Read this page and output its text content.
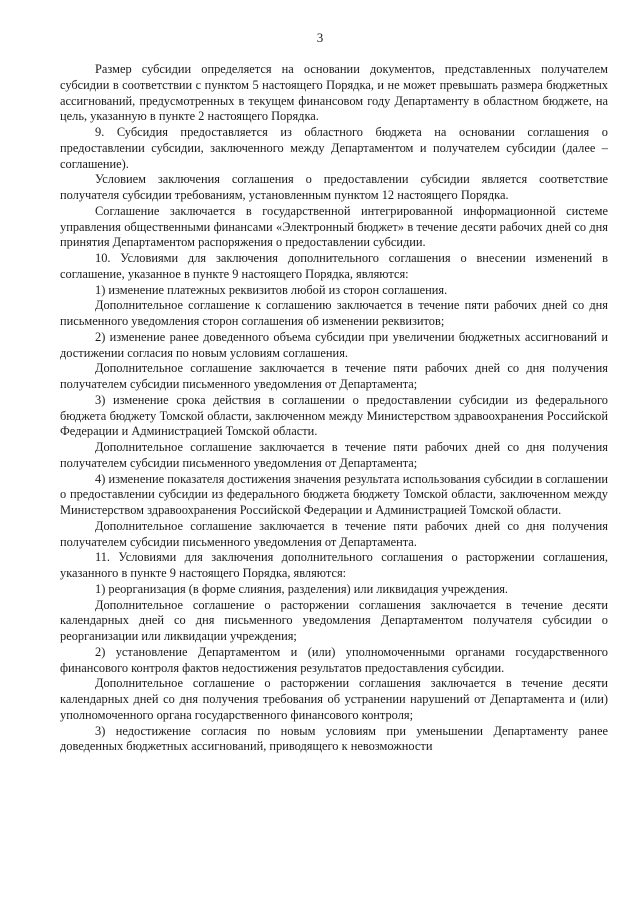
3

Размер субсидии определяется на основании документов, представленных получателем субсидии в соответствии с пунктом 5 настоящего Порядка, и не может превышать размера бюджетных ассигнований, предусмотренных в текущем финансовом году Департаменту в областном бюджете, на цель, указанную в пункте 2 настоящего Порядка.

9. Субсидия предоставляется из областного бюджета на основании соглашения о предоставлении субсидии, заключенного между Департаментом и получателем субсидии (далее – соглашение).

Условием заключения соглашения о предоставлении субсидии является соответствие получателя субсидии требованиям, установленным пунктом 12 настоящего Порядка.

Соглашение заключается в государственной интегрированной информационной системе управления общественными финансами «Электронный бюджет» в течение десяти рабочих дней со дня принятия Департаментом распоряжения о предоставлении субсидии.

10. Условиями для заключения дополнительного соглашения о внесении изменений в соглашение, указанное в пункте 9 настоящего Порядка, являются:

1) изменение платежных реквизитов любой из сторон соглашения.

Дополнительное соглашение к соглашению заключается в течение пяти рабочих дней со дня письменного уведомления сторон соглашения об изменении реквизитов;

2) изменение ранее доведенного объема субсидии при увеличении бюджетных ассигнований и достижении согласия по новым условиям соглашения.

Дополнительное соглашение заключается в течение пяти рабочих дней со дня получения получателем субсидии письменного уведомления от Департамента;

3) изменение срока действия в соглашении о предоставлении субсидии из федерального бюджета бюджету Томской области, заключенном между Министерством здравоохранения Российской Федерации и Администрацией Томской области.

Дополнительное соглашение заключается в течение пяти рабочих дней со дня получения получателем субсидии письменного уведомления от Департамента;

4) изменение показателя достижения значения результата использования субсидии в соглашении о предоставлении субсидии из федерального бюджета бюджету Томской области, заключенном между Министерством здравоохранения Российской Федерации и Администрацией Томской области.

Дополнительное соглашение заключается в течение пяти рабочих дней со дня получения получателем субсидии письменного уведомления от Департамента.

11. Условиями для заключения дополнительного соглашения о расторжении соглашения, указанного в пункте 9 настоящего Порядка, являются:

1) реорганизация (в форме слияния, разделения) или ликвидация учреждения.

Дополнительное соглашение о расторжении соглашения заключается в течение десяти календарных дней со дня письменного уведомления Департаментом получателя субсидии о реорганизации или ликвидации учреждения;

2) установление Департаментом и (или) уполномоченными органами государственного финансового контроля фактов недостижения результатов предоставления субсидии.

Дополнительное соглашение о расторжении соглашения заключается в течение десяти календарных дней со дня получения требования об устранении нарушений от Департамента и (или) уполномоченного органа государственного финансового контроля;

3) недостижение согласия по новым условиям при уменьшении Департаменту ранее доведенных бюджетных ассигнований, приводящего к невозможности
